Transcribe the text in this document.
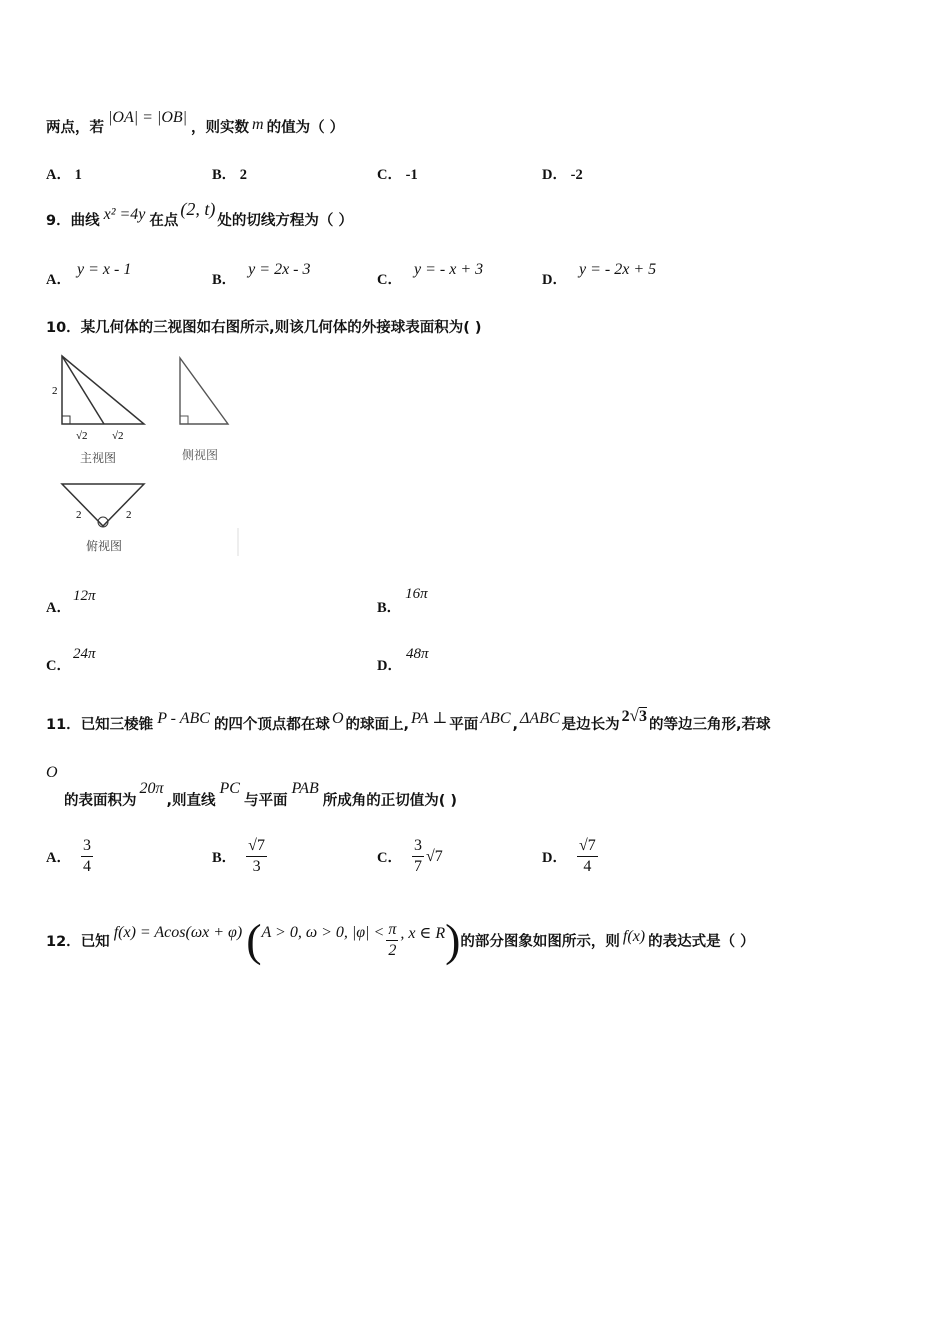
两点，若|OA| = |OB|，则实数 m 的值为（ ）
A． 1	B． 2	C． -1	D． -2
9．曲线 x² =4y 在点(2, t)处的切线方程为（ ）
A．y = x - 1
B．y = 2x - 3
C．y = - x + 3
D．y = - 2x + 5
10．某几何体的三视图如右图所示,则该几何体的外接球表面积为( )
2
√2 √2
主视图	侧视图
2	2
俯视图
A．12π
B．16π
C．24π
D．48π
11．已知三棱锥 P - ABC 的四个顶点都在球 O 的球面上, PA ⊥ 平面 ABC , ΔABC 是边长为 2√3 的等边三角形,若球
O
的表面积为20π,则直线PC与平面PAB所成角的正切值为( )
A． $\frac{3}{4}$	B． $\frac{√7}{3}$	C． $\frac{3}{7} √7$	D． $\frac{√7}{4}$
12．已知f(x) = Acos(ωx + φ)(A > 0, ω > 0, $|\varphi| < \frac{\pi}{2}$ , x ∈ R)的部分图象如图所示，则 f(x) 的表达式是（ ）
